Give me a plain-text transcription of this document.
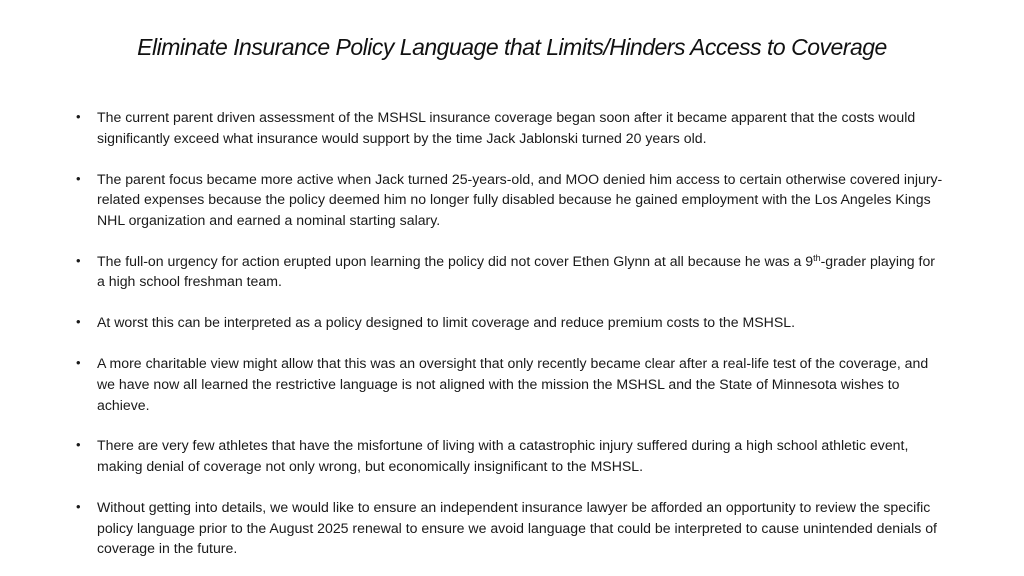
Eliminate Insurance Policy Language that Limits/Hinders Access to Coverage
• The current parent driven assessment of the MSHSL insurance coverage began soon after it became apparent that the costs would significantly exceed what insurance would support by the time Jack Jablonski turned 20 years old.
• The parent focus became more active when Jack turned 25-years-old, and MOO denied him access to certain otherwise covered injury-related expenses because the policy deemed him no longer fully disabled because he gained employment with the Los Angeles Kings NHL organization and earned a nominal starting salary.
• The full-on urgency for action erupted upon learning the policy did not cover Ethen Glynn at all because he was a 9th-grader playing for a high school freshman team.
• At worst this can be interpreted as a policy designed to limit coverage and reduce premium costs to the MSHSL.
• A more charitable view might allow that this was an oversight that only recently became clear after a real-life test of the coverage, and we have now all learned the restrictive language is not aligned with the mission the MSHSL and the State of Minnesota wishes to achieve.
• There are very few athletes that have the misfortune of living with a catastrophic injury suffered during a high school athletic event, making denial of coverage not only wrong, but economically insignificant to the MSHSL.
• Without getting into details, we would like to ensure an independent insurance lawyer be afforded an opportunity to review the specific policy language prior to the August 2025 renewal to ensure we avoid language that could be interpreted to cause unintended denials of coverage in the future.
